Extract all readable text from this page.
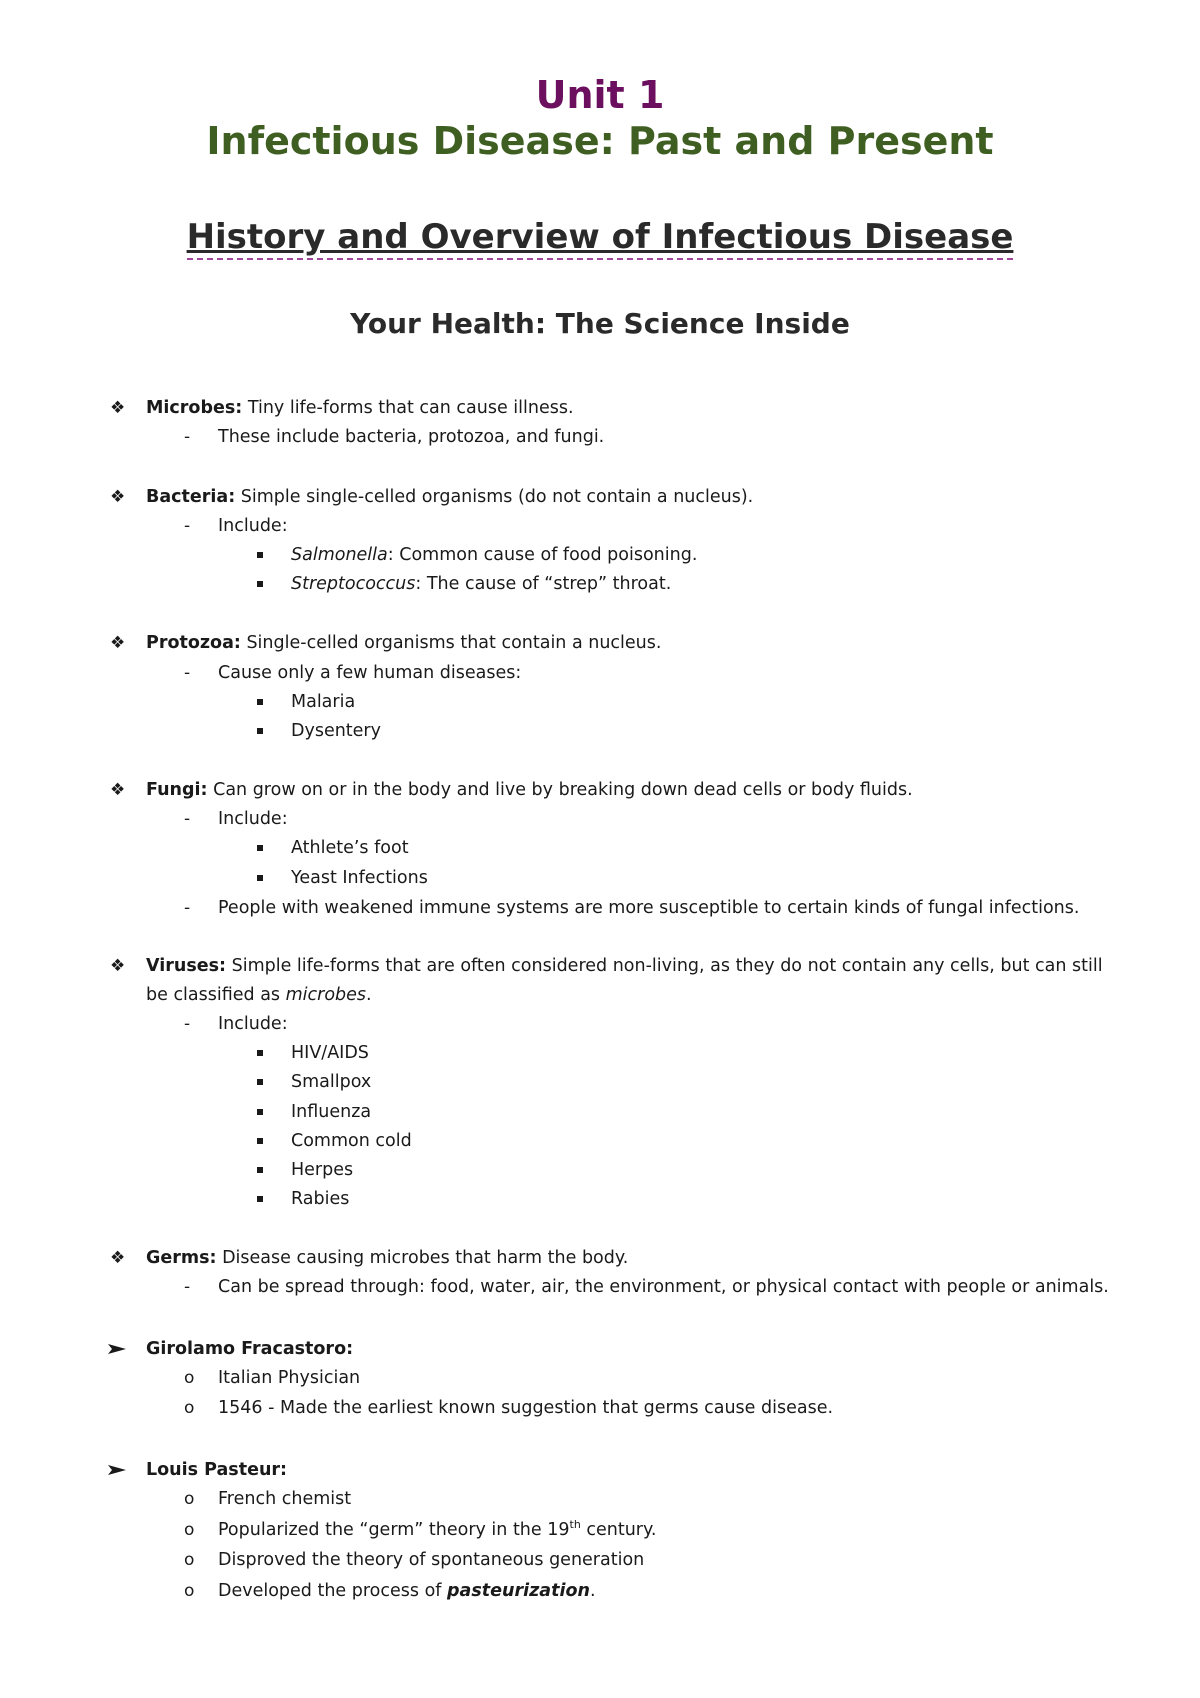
Unit 1
Infectious Disease: Past and Present
History and Overview of Infectious Disease
Your Health: The Science Inside
❖ Microbes: Tiny life-forms that can cause illness.
- These include bacteria, protozoa, and fungi.
❖ Bacteria: Simple single-celled organisms (do not contain a nucleus).
- Include:
Salmonella: Common cause of food poisoning.
Streptococcus: The cause of “strep” throat.
❖ Protozoa: Single-celled organisms that contain a nucleus.
- Cause only a few human diseases:
Malaria
Dysentery
❖ Fungi: Can grow on or in the body and live by breaking down dead cells or body fluids.
- Include:
Athlete’s foot
Yeast Infections
- People with weakened immune systems are more susceptible to certain kinds of fungal infections.
❖ Viruses: Simple life-forms that are often considered non-living, as they do not contain any cells, but can still
be classified as microbes.
- Include:
HIV/AIDS
Smallpox
Influenza
Common cold
Herpes
Rabies
❖ Germs: Disease causing microbes that harm the body.
- Can be spread through: food, water, air, the environment, or physical contact with people or animals.
Girolamo Fracastoro:
o Italian Physician
o 1546 - Made the earliest known suggestion that germs cause disease.
Louis Pasteur:
o French chemist
o Popularized the “germ” theory in the 19th century.
o Disproved the theory of spontaneous generation
o Developed the process of pasteurization.
